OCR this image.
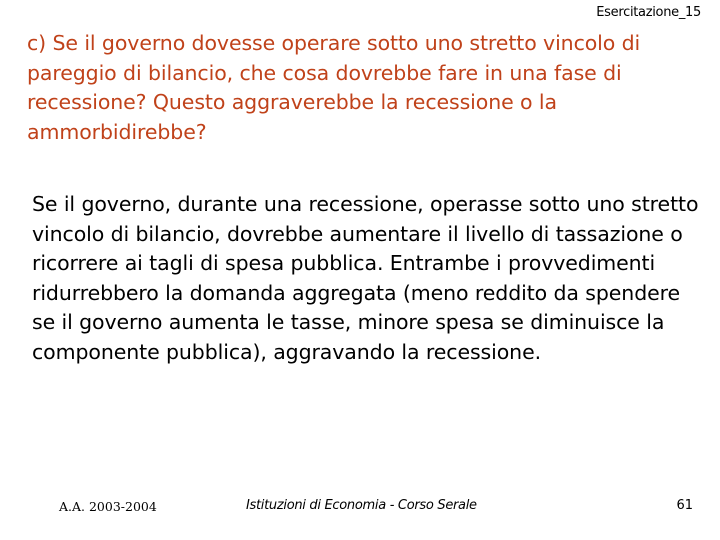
Esercitazione_15
c) Se il governo dovesse operare sotto uno stretto vincolo di pareggio di bilancio, che cosa dovrebbe fare in una fase di recessione? Questo aggraverebbe la recessione o la ammorbidirebbe?
Se il governo, durante una recessione, operasse sotto uno stretto vincolo di bilancio, dovrebbe aumentare il livello di tassazione o ricorrere ai tagli di spesa pubblica. Entrambe i provvedimenti ridurrebbero la domanda aggregata (meno reddito da spendere se il governo aumenta le tasse, minore spesa se diminuisce la componente pubblica), aggravando la recessione.
A.A. 2003-2004	Istituzioni di Economia - Corso Serale	61
